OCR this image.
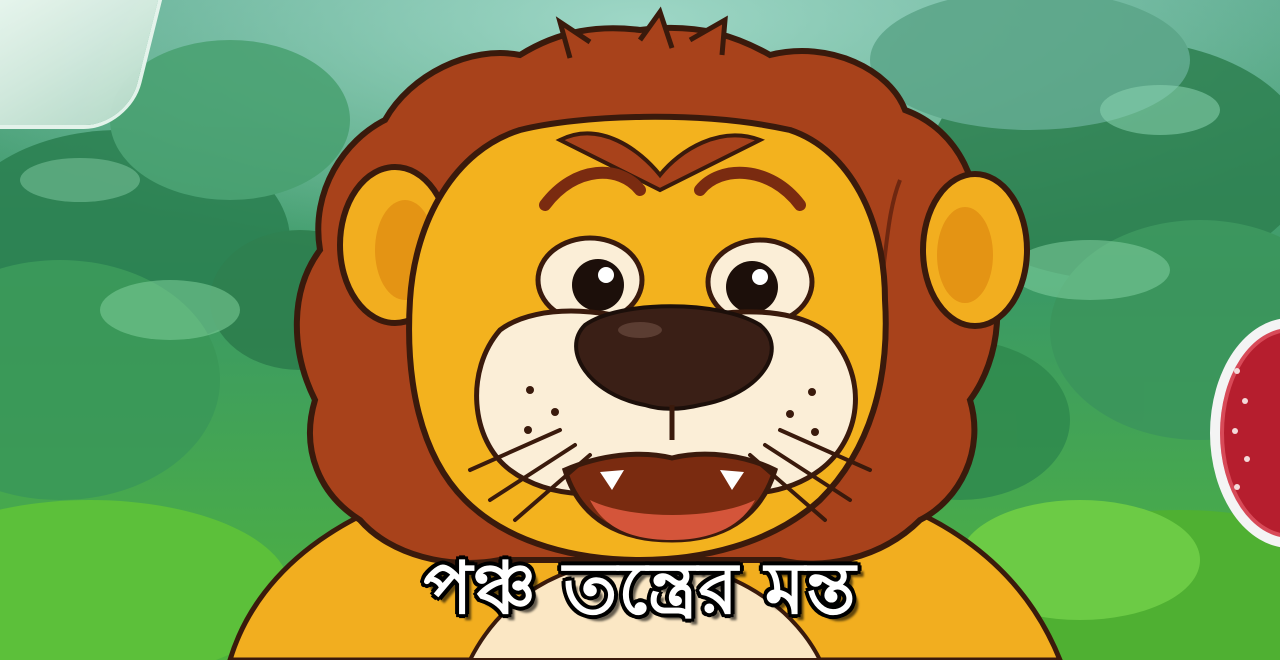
পঞ্চ তন্ত্রের মন্ত
